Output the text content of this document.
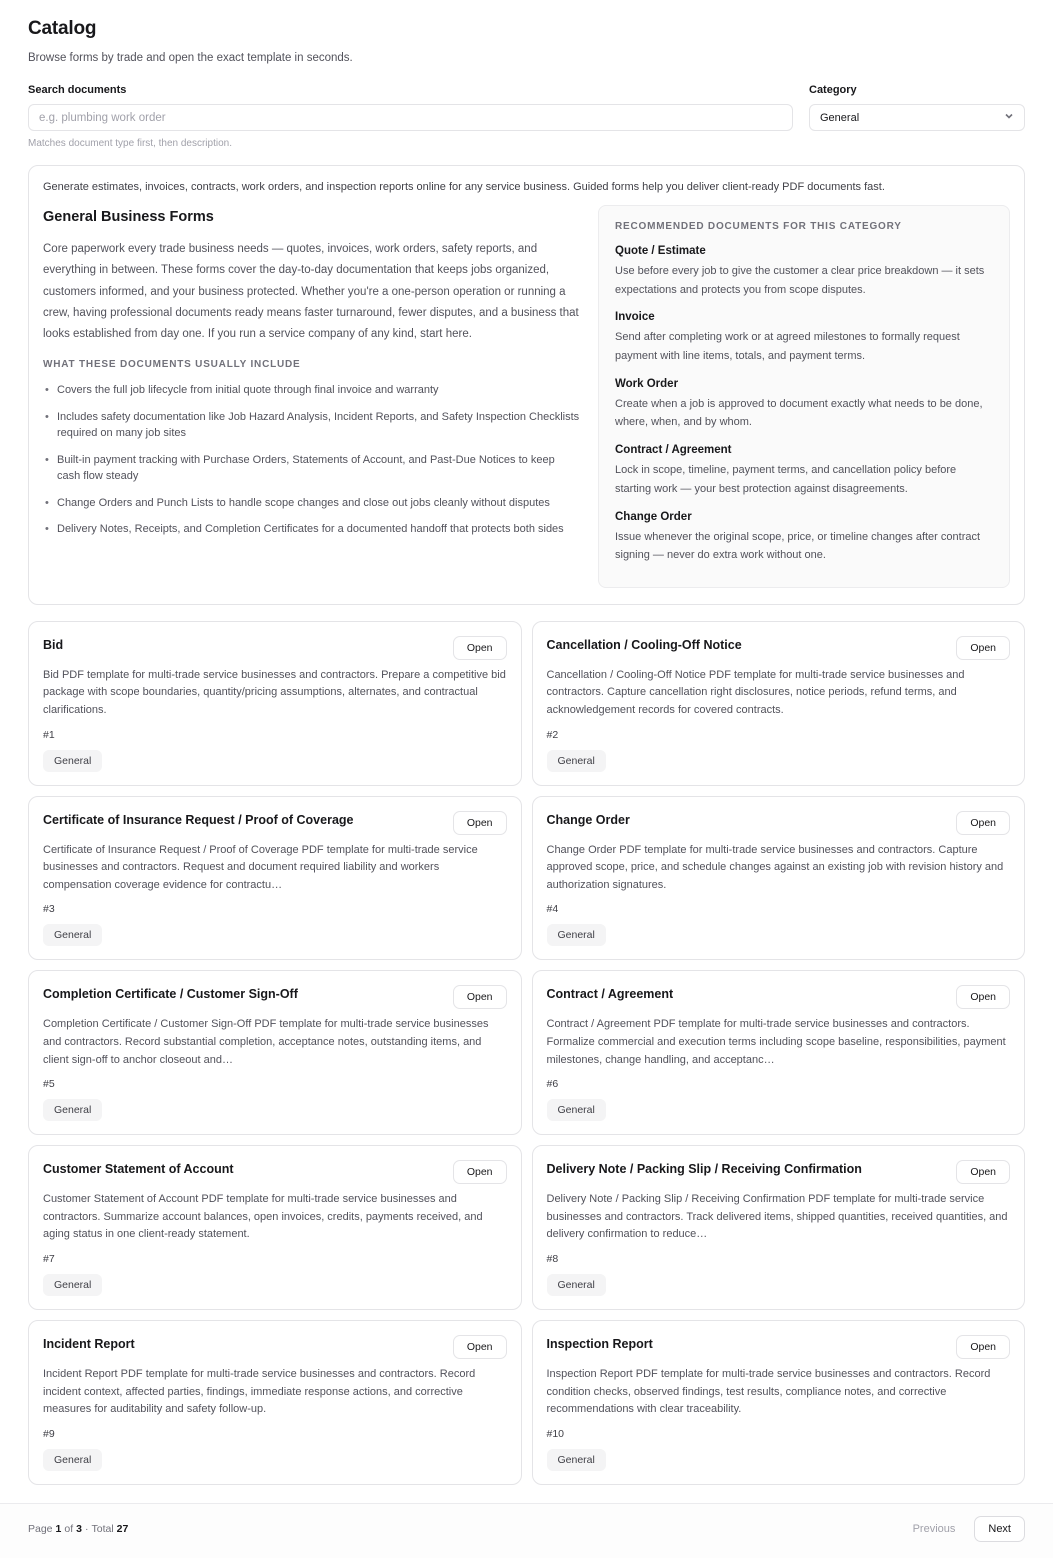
Catalog

Browse forms by trade and open the exact template in seconds.

Search documents
e.g. plumbing work order
Matches document type first, then description.
Category
General

Generate estimates, invoices, contracts, work orders, and inspection reports online for any service business. Guided forms help you deliver client-ready PDF documents fast.

General Business Forms

Core paperwork every trade business needs — quotes, invoices, work orders, safety reports, and everything in between. These forms cover the day-to-day documentation that keeps jobs organized, customers informed, and your business protected. Whether you're a one-person operation or running a crew, having professional documents ready means faster turnaround, fewer disputes, and a business that looks established from day one. If you run a service company of any kind, start here.

WHAT THESE DOCUMENTS USUALLY INCLUDE
• Covers the full job lifecycle from initial quote through final invoice and warranty
• Includes safety documentation like Job Hazard Analysis, Incident Reports, and Safety Inspection Checklists required on many job sites
• Built-in payment tracking with Purchase Orders, Statements of Account, and Past-Due Notices to keep cash flow steady
• Change Orders and Punch Lists to handle scope changes and close out jobs cleanly without disputes
• Delivery Notes, Receipts, and Completion Certificates for a documented handoff that protects both sides
RECOMMENDED DOCUMENTS FOR THIS CATEGORY
Quote / Estimate
Use before every job to give the customer a clear price breakdown — it sets expectations and protects you from scope disputes.
Invoice
Send after completing work or at agreed milestones to formally request payment with line items, totals, and payment terms.
Work Order
Create when a job is approved to document exactly what needs to be done, where, when, and by whom.
Contract / Agreement
Lock in scope, timeline, payment terms, and cancellation policy before starting work — your best protection against disagreements.
Change Order
Issue whenever the original scope, price, or timeline changes after contract signing — never do extra work without one.
Bid	Open

Bid PDF template for multi-trade service businesses and contractors. Prepare a competitive bid package with scope boundaries, quantity/pricing assumptions, alternates, and contractual clarifications.

#1
General
Cancellation / Cooling-Off Notice	Open

Cancellation / Cooling-Off Notice PDF template for multi-trade service businesses and contractors. Capture cancellation right disclosures, notice periods, refund terms, and acknowledgement records for covered contracts.

#2
General
Certificate of Insurance Request / Proof of Coverage	Open

Certificate of Insurance Request / Proof of Coverage PDF template for multi-trade service businesses and contractors. Request and document required liability and workers compensation coverage evidence for contractu…

#3
General
Change Order	Open

Change Order PDF template for multi-trade service businesses and contractors. Capture approved scope, price, and schedule changes against an existing job with revision history and authorization signatures.

#4
General
Completion Certificate / Customer Sign-Off	Open

Completion Certificate / Customer Sign-Off PDF template for multi-trade service businesses and contractors. Record substantial completion, acceptance notes, outstanding items, and client sign-off to anchor closeout and…

#5
General
Contract / Agreement	Open

Contract / Agreement PDF template for multi-trade service businesses and contractors. Formalize commercial and execution terms including scope baseline, responsibilities, payment milestones, change handling, and acceptanc…

#6
General
Customer Statement of Account	Open

Customer Statement of Account PDF template for multi-trade service businesses and contractors. Summarize account balances, open invoices, credits, payments received, and aging status in one client-ready statement.

#7
General
Delivery Note / Packing Slip / Receiving Confirmation	Open

Delivery Note / Packing Slip / Receiving Confirmation PDF template for multi-trade service businesses and contractors. Track delivered items, shipped quantities, received quantities, and delivery confirmation to reduce…

#8
General
Incident Report	Open

Incident Report PDF template for multi-trade service businesses and contractors. Record incident context, affected parties, findings, immediate response actions, and corrective measures for auditability and safety follow-up.

#9
General
Inspection Report	Open

Inspection Report PDF template for multi-trade service businesses and contractors. Record condition checks, observed findings, test results, compliance notes, and corrective recommendations with clear traceability.

#10
General
Page 1 of 3 · Total 27	Previous	Next
